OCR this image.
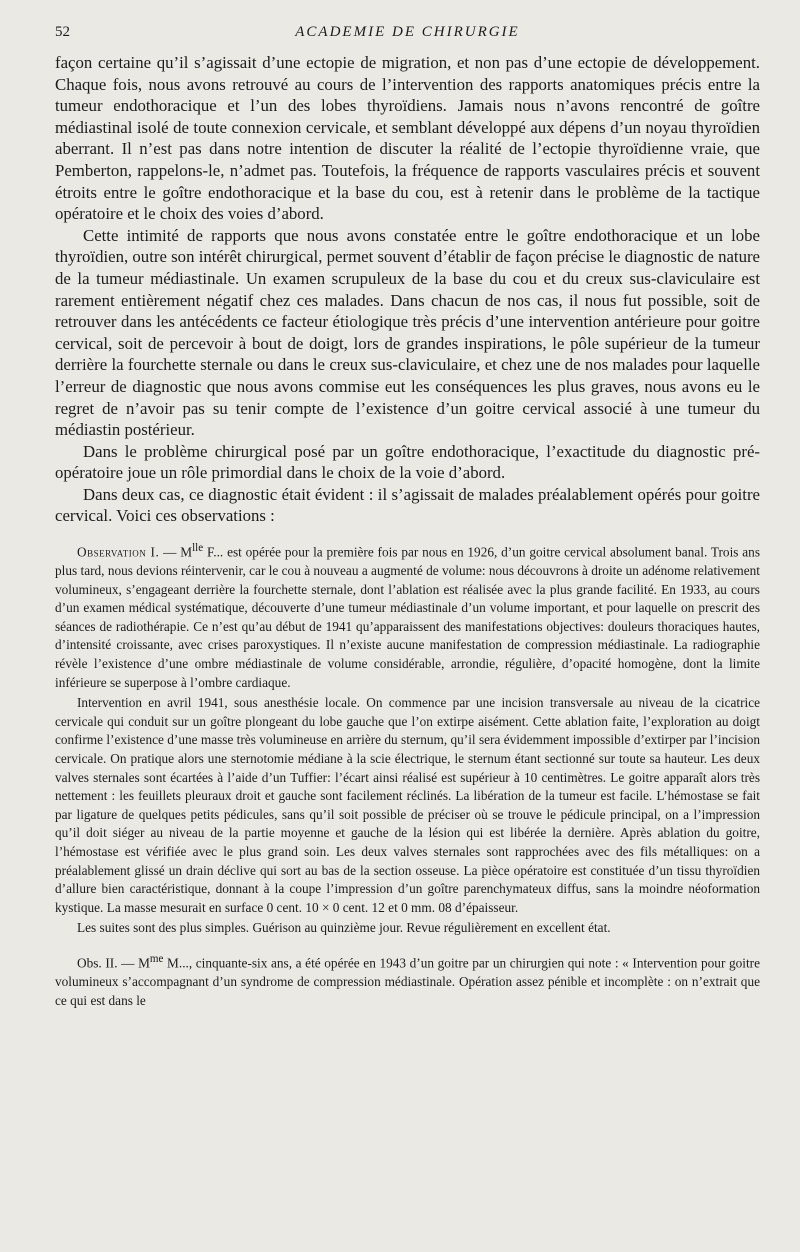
52	ACADEMIE DE CHIRURGIE

façon certaine qu’il s’agissait d’une ectopie de migration, et non pas d’une ectopie de développement. Chaque fois, nous avons retrouvé au cours de l’intervention des rapports anatomiques précis entre la tumeur endothoracique et l’un des lobes thyroïdiens. Jamais nous n’avons rencontré de goître médiastinal isolé de toute connexion cervicale, et semblant développé aux dépens d’un noyau thyroïdien aberrant. Il n’est pas dans notre intention de discuter la réalité de l’ectopie thyroïdienne vraie, que Pemberton, rappelons-le, n’admet pas. Toutefois, la fréquence de rapports vasculaires précis et souvent étroits entre le goître endothoracique et la base du cou, est à retenir dans le problème de la tactique opératoire et le choix des voies d’abord.

Cette intimité de rapports que nous avons constatée entre le goître endothoracique et un lobe thyroïdien, outre son intérêt chirurgical, permet souvent d’établir de façon précise le diagnostic de nature de la tumeur médiastinale. Un examen scrupuleux de la base du cou et du creux sus-claviculaire est rarement entièrement négatif chez ces malades. Dans chacun de nos cas, il nous fut possible, soit de retrouver dans les antécédents ce facteur étiologique très précis d’une intervention antérieure pour goitre cervical, soit de percevoir à bout de doigt, lors de grandes inspirations, le pôle supérieur de la tumeur derrière la fourchette sternale ou dans le creux sus-claviculaire, et chez une de nos malades pour laquelle l’erreur de diagnostic que nous avons commise eut les conséquences les plus graves, nous avons eu le regret de n’avoir pas su tenir compte de l’existence d’un goitre cervical associé à une tumeur du médiastin postérieur.

Dans le problème chirurgical posé par un goître endothoracique, l’exactitude du diagnostic pré-opératoire joue un rôle primordial dans le choix de la voie d’abord.

Dans deux cas, ce diagnostic était évident : il s’agissait de malades préalablement opérés pour goitre cervical. Voici ces observations :

Observation I. — $M^{lle}$ F... est opérée pour la première fois par nous en 1926, d’un goitre cervical absolument banal. Trois ans plus tard, nous devions réintervenir, car le cou à nouveau a augmenté de volume: nous découvrons à droite un adénome relativement volumineux, s’engageant derrière la fourchette sternale, dont l’ablation est réalisée avec la plus grande facilité. En 1933, au cours d’un examen médical systématique, découverte d’une tumeur médiastinale d’un volume important, et pour laquelle on prescrit des séances de radiothérapie. Ce n’est qu’au début de 1941 qu’apparaissent des manifestations objectives: douleurs thoraciques hautes, d’intensité croissante, avec crises paroxystiques. Il n’existe aucune manifestation de compression médiastinale. La radiographie révèle l’existence d’une ombre médiastinale de volume considérable, arrondie, régulière, d’opacité homogène, dont la limite inférieure se superpose à l’ombre cardiaque.

Intervention en avril 1941, sous anesthésie locale. On commence par une incision transversale au niveau de la cicatrice cervicale qui conduit sur un goître plongeant du lobe gauche que l’on extirpe aisément. Cette ablation faite, l’exploration au doigt confirme l’existence d’une masse très volumineuse en arrière du sternum, qu’il sera évidemment impossible d’extirper par l’incision cervicale. On pratique alors une sternotomie médiane à la scie électrique, le sternum étant sectionné sur toute sa hauteur. Les deux valves sternales sont écartées à l’aide d’un Tuffier: l’écart ainsi réalisé est supérieur à 10 centimètres. Le goitre apparaît alors très nettement : les feuillets pleuraux droit et gauche sont facilement réclinés. La libération de la tumeur est facile. L’hémostase se fait par ligature de quelques petits pédicules, sans qu’il soit possible de préciser où se trouve le pédicule principal, on a l’impression qu’il doit siéger au niveau de la partie moyenne et gauche de la lésion qui est libérée la dernière. Après ablation du goitre, l’hémostase est vérifiée avec le plus grand soin. Les deux valves sternales sont rapprochées avec des fils métalliques: on a préalablement glissé un drain déclive qui sort au bas de la section osseuse. La pièce opératoire est constituée d’un tissu thyroïdien d’allure bien caractéristique, donnant à la coupe l’impression d’un goître parenchymateux diffus, sans la moindre néoformation kystique. La masse mesurait en surface 0 cent. 10 × 0 cent. 12 et 0 mm. 08 d’épaisseur.

Les suites sont des plus simples. Guérison au quinzième jour. Revue régulièrement en excellent état.

Obs. II. — $M^{me}$ M..., cinquante-six ans, a été opérée en 1943 d’un goitre par un chirurgien qui note : « Intervention pour goitre volumineux s’accompagnant d’un syndrome de compression médiastinale. Opération assez pénible et incomplète : on n’extrait que ce qui est dans le
